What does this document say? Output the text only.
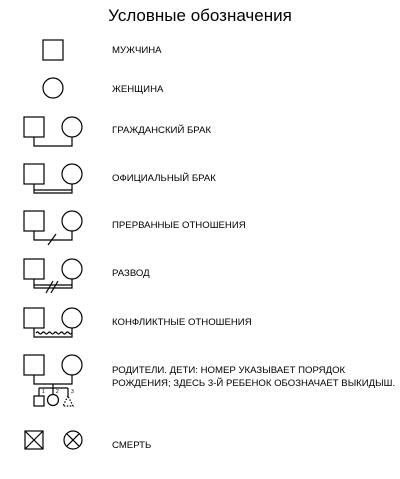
Условные обозначения
1 2 3
МУЖЧИНА
ЖЕНЩИНА
ГРАЖДАНСКИЙ БРАК
ОФИЦИАЛЬНЫЙ БРАК
ПРЕРВАННЫЕ ОТНОШЕНИЯ
РАЗВОД
КОНФЛИКТНЫЕ ОТНОШЕНИЯ
РОДИТЕЛИ. ДЕТИ: НОМЕР УКАЗЫВАЕТ ПОРЯДОК
РОЖДЕНИЯ; ЗДЕСЬ 3-Й РЕБЕНОК ОБОЗНАЧАЕТ ВЫКИДЫШ.
СМЕРТЬ
